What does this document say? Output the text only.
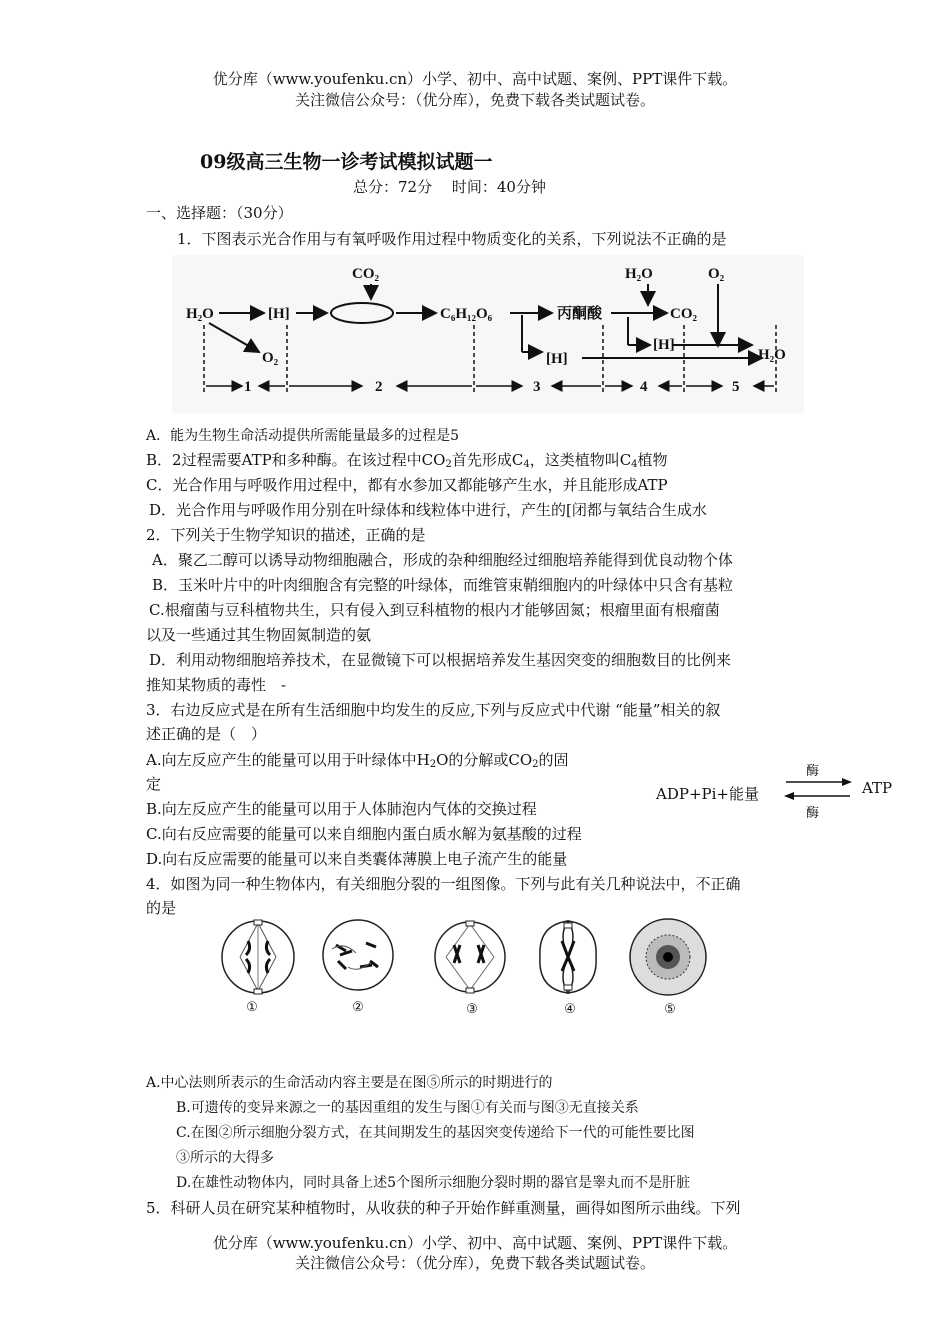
优分库（www.youfenku.cn）小学、初中、高中试题、案例、PPT课件下载。
关注微信公众号：（优分库），免费下载各类试题试卷。
09级高三生物一诊考试模拟试题一
总分：72分　 时间：40分钟
一、选择题：（30分）
1．下图表示光合作用与有氧呼吸作用过程中物质变化的关系，下列说法不正确的是
H₂O	[H]
CO₂
C₆H₁₂O₆
O₂
丙酮酸
H₂O	O₂
CO₂
[H]
[H]	H₂O
1	2	3	4	5
A．能为生物生命活动提供所需能量最多的过程是5
B．2过程需要ATP和多种酶。在该过程中$CO_2$首先形成$C_4$，这类植物叫$C_4$植物
C．光合作用与呼吸作用过程中，都有水参加又都能够产生水，并且能形成ATP
D．光合作用与呼吸作用分别在叶绿体和线粒体中进行，产生的[闭都与氧结合生成水
2．下列关于生物学知识的描述，正确的是
A．聚乙二醇可以诱导动物细胞融合，形成的杂种细胞经过细胞培养能得到优良动物个体
B．玉米叶片中的叶肉细胞含有完整的叶绿体，而维管束鞘细胞内的叶绿体中只含有基粒
C.根瘤菌与豆科植物共生，只有侵入到豆科植物的根内才能够固氮；根瘤里面有根瘤菌
以及一些通过其生物固氮制造的氨
D．利用动物细胞培养技术，在显微镜下可以根据培养发生基因突变的细胞数目的比例来
推知某物质的毒性　-
3．右边反应式是在所有生活细胞中均发生的反应,下列与反应式中代谢 “能量”相关的叙
述正确的是（　）
A.向左反应产生的能量可以用于叶绿体中$H_2O$的分解或$CO_2$的固
定
B.向左反应产生的能量可以用于人体肺泡内气体的交换过程
C.向右反应需要的能量可以来自细胞内蛋白质水解为氨基酸的过程
D.向右反应需要的能量可以来自类囊体薄膜上电子流产生的能量
ADP+Pi+能量	ATP
酶
酶
4．如图为同一种生物体内，有关细胞分裂的一组图像。下列与此有关几种说法中，不正确
的是
①	②	③	④	⑤
A.中心法则所表示的生命活动内容主要是在图⑤所示的时期进行的
B.可遗传的变异来源之一的基因重组的发生与图①有关而与图③无直接关系
C.在图②所示细胞分裂方式，在其间期发生的基因突变传递给下一代的可能性要比图
③所示的大得多
D.在雄性动物体内，同时具备上述5个图所示细胞分裂时期的器官是睾丸而不是肝脏
5．科研人员在研究某种植物时，从收获的种子开始作鲜重测量，画得如图所示曲线。下列
优分库（www.youfenku.cn）小学、初中、高中试题、案例、PPT课件下载。
关注微信公众号：（优分库），免费下载各类试题试卷。
